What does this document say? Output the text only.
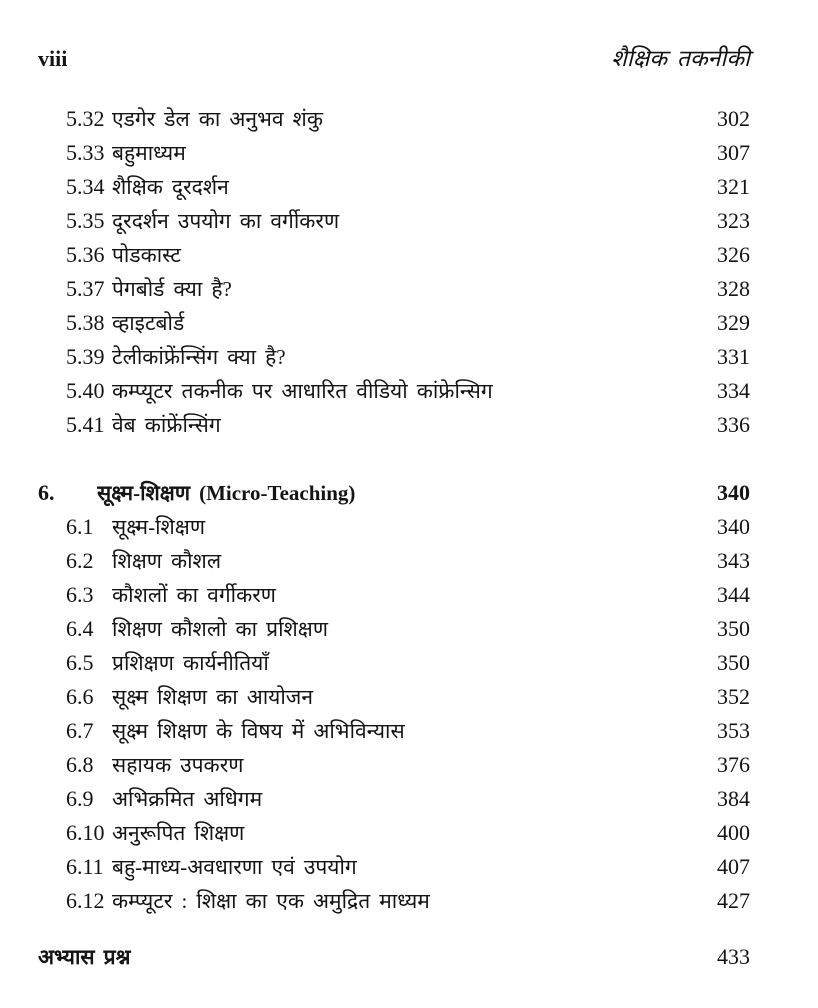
viii	शैक्षिक तकनीकी
5.32 एडगेर डेल का अनुभव शंकु	302
5.33 बहुमाध्यम	307
5.34 शैक्षिक दूरदर्शन	321
5.35 दूरदर्शन उपयोग का वर्गीकरण	323
5.36 पोडकास्ट	326
5.37 पेगबोर्ड क्या है?	328
5.38 व्हाइटबोर्ड	329
5.39 टेलीकांफ्रेंन्सिंग क्या है?	331
5.40 कम्प्यूटर तकनीक पर आधारित वीडियो कांफ्रेन्सिग	334
5.41 वेब कांफ्रेंन्सिंग	336
6.	सूक्ष्म-शिक्षण (Micro-Teaching)	340
6.1 सूक्ष्म-शिक्षण	340
6.2 शिक्षण कौशल	343
6.3 कौशलों का वर्गीकरण	344
6.4 शिक्षण कौशलो का प्रशिक्षण	350
6.5 प्रशिक्षण कार्यनीतियाँ	350
6.6 सूक्ष्म शिक्षण का आयोजन	352
6.7 सूक्ष्म शिक्षण के विषय में अभिविन्यास	353
6.8 सहायक उपकरण	376
6.9 अभिक्रमित अधिगम	384
6.10 अनुरूपित शिक्षण	400
6.11 बहु-माध्य-अवधारणा एवं उपयोग	407
6.12 कम्प्यूटर : शिक्षा का एक अमुद्रित माध्यम	427
अभ्यास प्रश्न	433
